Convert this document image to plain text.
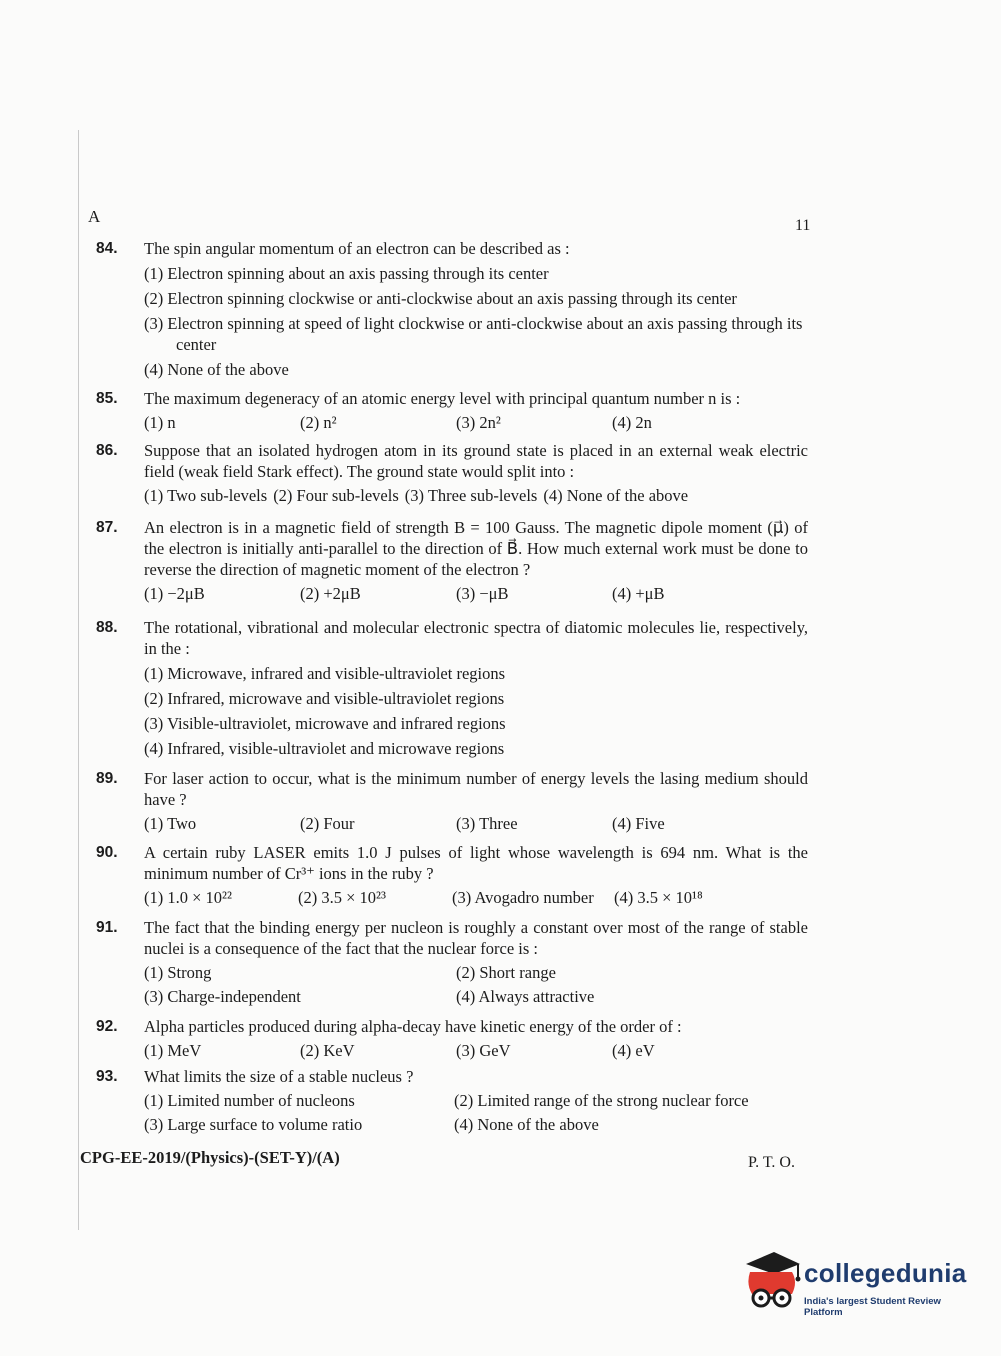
A	11
84.	The spin angular momentum of an electron can be described as :
(1) Electron spinning about an axis passing through its center
(2) Electron spinning clockwise or anti-clockwise about an axis passing through its center
(3) Electron spinning at speed of light clockwise or anti-clockwise about an axis passing through its center
(4) None of the above
85.	The maximum degeneracy of an atomic energy level with principal quantum number n is :
(1) n	(2) n²	(3) 2n²	(4) 2n
86.	Suppose that an isolated hydrogen atom in its ground state is placed in an external weak electric field (weak field Stark effect). The ground state would split into :
(1) Two sub-levels (2) Four sub-levels (3) Three sub-levels (4) None of the above
87.	An electron is in a magnetic field of strength B = 100 Gauss. The magnetic dipole moment (μ⃗) of the electron is initially anti-parallel to the direction of B⃗. How much external work must be done to reverse the direction of magnetic moment of the electron ?
(1) −2μB	(2) +2μB	(3) −μB	(4) +μB
88.	The rotational, vibrational and molecular electronic spectra of diatomic molecules lie, respectively, in the :
(1) Microwave, infrared and visible-ultraviolet regions
(2) Infrared, microwave and visible-ultraviolet regions
(3) Visible-ultraviolet, microwave and infrared regions
(4) Infrared, visible-ultraviolet and microwave regions
89.	For laser action to occur, what is the minimum number of energy levels the lasing medium should have ?
(1) Two	(2) Four	(3) Three	(4) Five
90.	A certain ruby LASER emits 1.0 J pulses of light whose wavelength is 694 nm. What is the minimum number of Cr³⁺ ions in the ruby ?
(1) 1.0 × 10²²	(2) 3.5 × 10²³	(3) Avogadro number	(4) 3.5 × 10¹⁸
91.	The fact that the binding energy per nucleon is roughly a constant over most of the range of stable nuclei is a consequence of the fact that the nuclear force is :
(1) Strong	(2) Short range
(3) Charge-independent	(4) Always attractive
92.	Alpha particles produced during alpha-decay have kinetic energy of the order of :
(1) MeV	(2) KeV	(3) GeV	(4) eV
93.	What limits the size of a stable nucleus ?
(1) Limited number of nucleons	(2) Limited range of the strong nuclear force
(3) Large surface to volume ratio	(4) None of the above
CPG-EE-2019/(Physics)-(SET-Y)/(A)	P. T. O.
collegedunia
India's largest Student Review Platform
